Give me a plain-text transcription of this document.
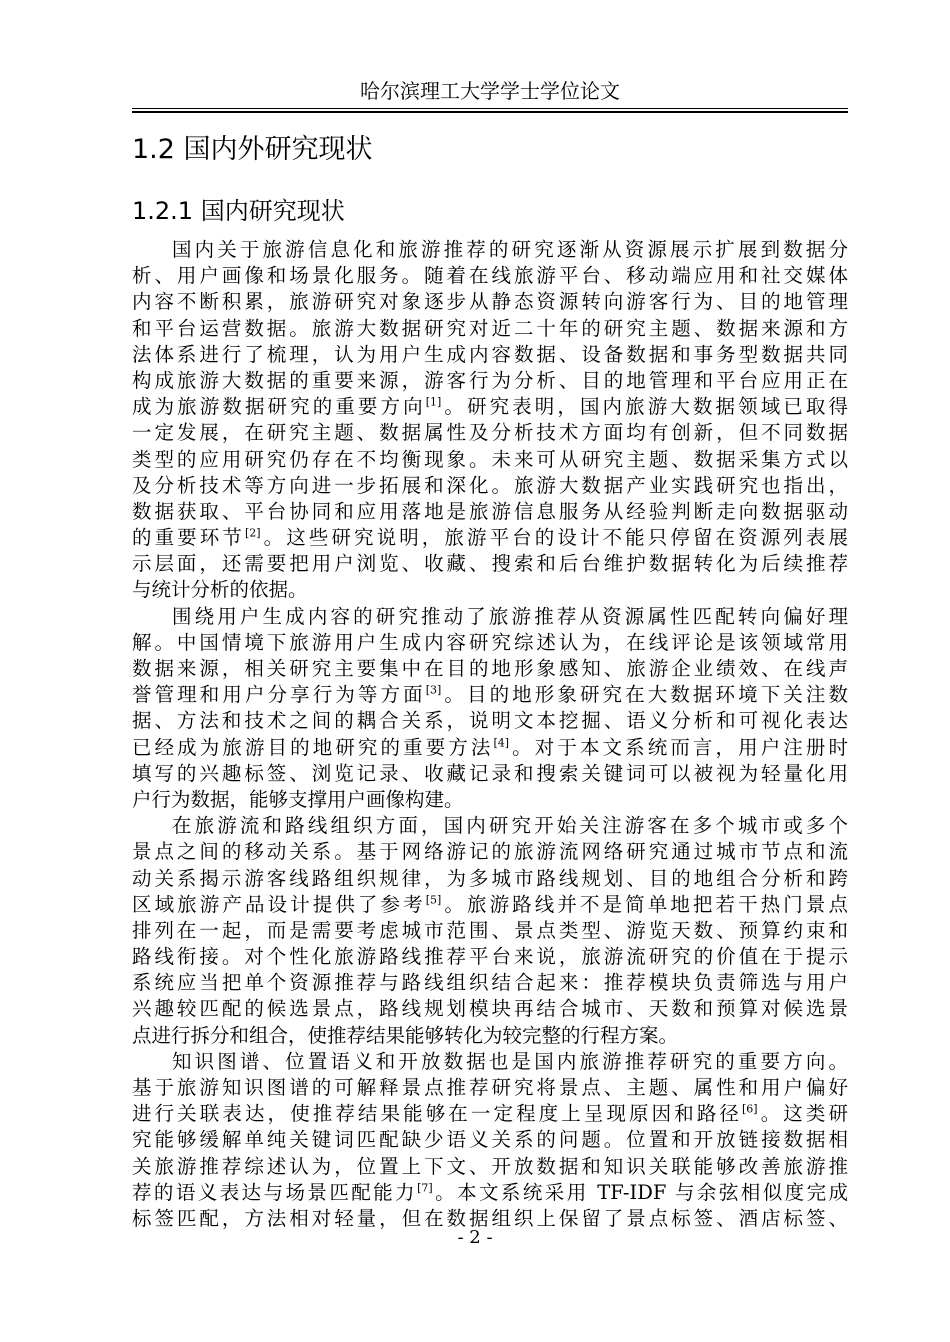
哈尔滨理工大学学士学位论文
1.2 国内外研究现状
1.2.1 国内研究现状
国内关于旅游信息化和旅游推荐的研究逐渐从资源展示扩展到数据分
析、用户画像和场景化服务。随着在线旅游平台、移动端应用和社交媒体
内容不断积累，旅游研究对象逐步从静态资源转向游客行为、目的地管理
和平台运营数据。旅游大数据研究对近二十年的研究主题、数据来源和方
法体系进行了梳理，认为用户生成内容数据、设备数据和事务型数据共同
构成旅游大数据的重要来源，游客行为分析、目的地管理和平台应用正在
成为旅游数据研究的重要方向[1]。研究表明，国内旅游大数据领域已取得
一定发展，在研究主题、数据属性及分析技术方面均有创新，但不同数据
类型的应用研究仍存在不均衡现象。未来可从研究主题、数据采集方式以
及分析技术等方向进一步拓展和深化。旅游大数据产业实践研究也指出，
数据获取、平台协同和应用落地是旅游信息服务从经验判断走向数据驱动
的重要环节[2]。这些研究说明，旅游平台的设计不能只停留在资源列表展
示层面，还需要把用户浏览、收藏、搜索和后台维护数据转化为后续推荐
与统计分析的依据。
围绕用户生成内容的研究推动了旅游推荐从资源属性匹配转向偏好理
解。中国情境下旅游用户生成内容研究综述认为，在线评论是该领域常用
数据来源，相关研究主要集中在目的地形象感知、旅游企业绩效、在线声
誉管理和用户分享行为等方面[3]。目的地形象研究在大数据环境下关注数
据、方法和技术之间的耦合关系，说明文本挖掘、语义分析和可视化表达
已经成为旅游目的地研究的重要方法[4]。对于本文系统而言，用户注册时
填写的兴趣标签、浏览记录、收藏记录和搜索关键词可以被视为轻量化用
户行为数据，能够支撑用户画像构建。
在旅游流和路线组织方面，国内研究开始关注游客在多个城市或多个
景点之间的移动关系。基于网络游记的旅游流网络研究通过城市节点和流
动关系揭示游客线路组织规律，为多城市路线规划、目的地组合分析和跨
区域旅游产品设计提供了参考[5]。旅游路线并不是简单地把若干热门景点
排列在一起，而是需要考虑城市范围、景点类型、游览天数、预算约束和
路线衔接。对个性化旅游路线推荐平台来说，旅游流研究的价值在于提示
系统应当把单个资源推荐与路线组织结合起来：推荐模块负责筛选与用户
兴趣较匹配的候选景点，路线规划模块再结合城市、天数和预算对候选景
点进行拆分和组合，使推荐结果能够转化为较完整的行程方案。
知识图谱、位置语义和开放数据也是国内旅游推荐研究的重要方向。
基于旅游知识图谱的可解释景点推荐研究将景点、主题、属性和用户偏好
进行关联表达，使推荐结果能够在一定程度上呈现原因和路径[6]。这类研
究能够缓解单纯关键词匹配缺少语义关系的问题。位置和开放链接数据相
关旅游推荐综述认为，位置上下文、开放数据和知识关联能够改善旅游推
荐的语义表达与场景匹配能力[7]。本文系统采用 TF-IDF 与余弦相似度完成
标签匹配，方法相对轻量，但在数据组织上保留了景点标签、酒店标签、
- 2 -
